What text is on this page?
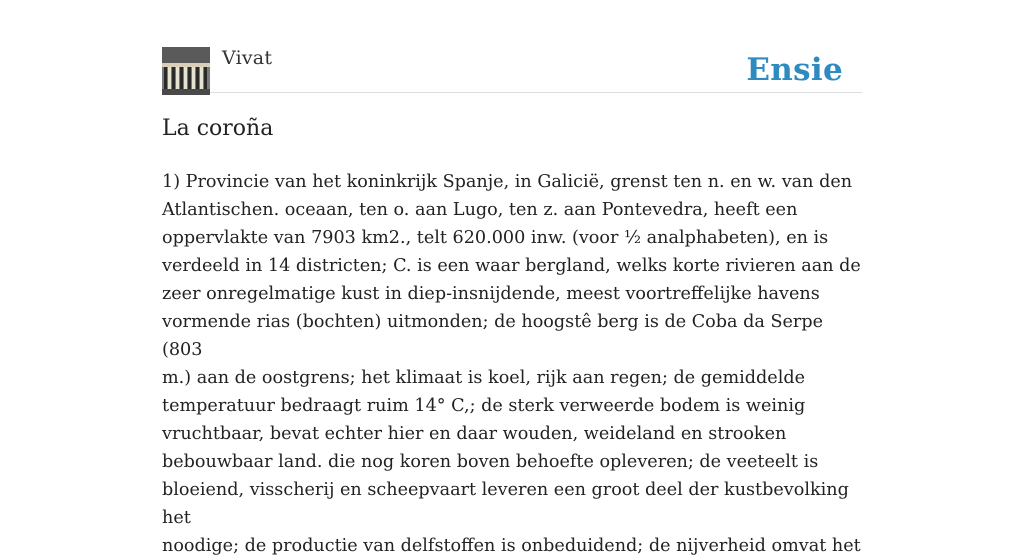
Vivat	Ensie
La coroña

1) Provincie van het koninkrijk Spanje, in Galicië, grenst ten n. en w. van den
Atlantischen. oceaan, ten o. aan Lugo, ten z. aan Pontevedra, heeft een
oppervlakte van 7903 km2., telt 620.000 inw. (voor ½ analphabeten), en is
verdeeld in 14 districten; C. is een waar bergland, welks korte rivieren aan de
zeer onregelmatige kust in diep-insnijdende, meest voortreffelijke havens
vormende rias (bochten) uitmonden; de hoogstê berg is de Coba da Serpe (803
m.) aan de oostgrens; het klimaat is koel, rijk aan regen; de gemiddelde
temperatuur bedraagt ruim 14° C,; de sterk verweerde bodem is weinig
vruchtbaar, bevat echter hier en daar wouden, weideland en strooken
bebouwbaar land. die nog koren boven behoefte opleveren; de veeteelt is
bloeiend, visscherij en scheepvaart leveren een groot deel der kustbevolking het
noodige; de productie van delfstoffen is onbeduidend; de nijverheid omvat het
